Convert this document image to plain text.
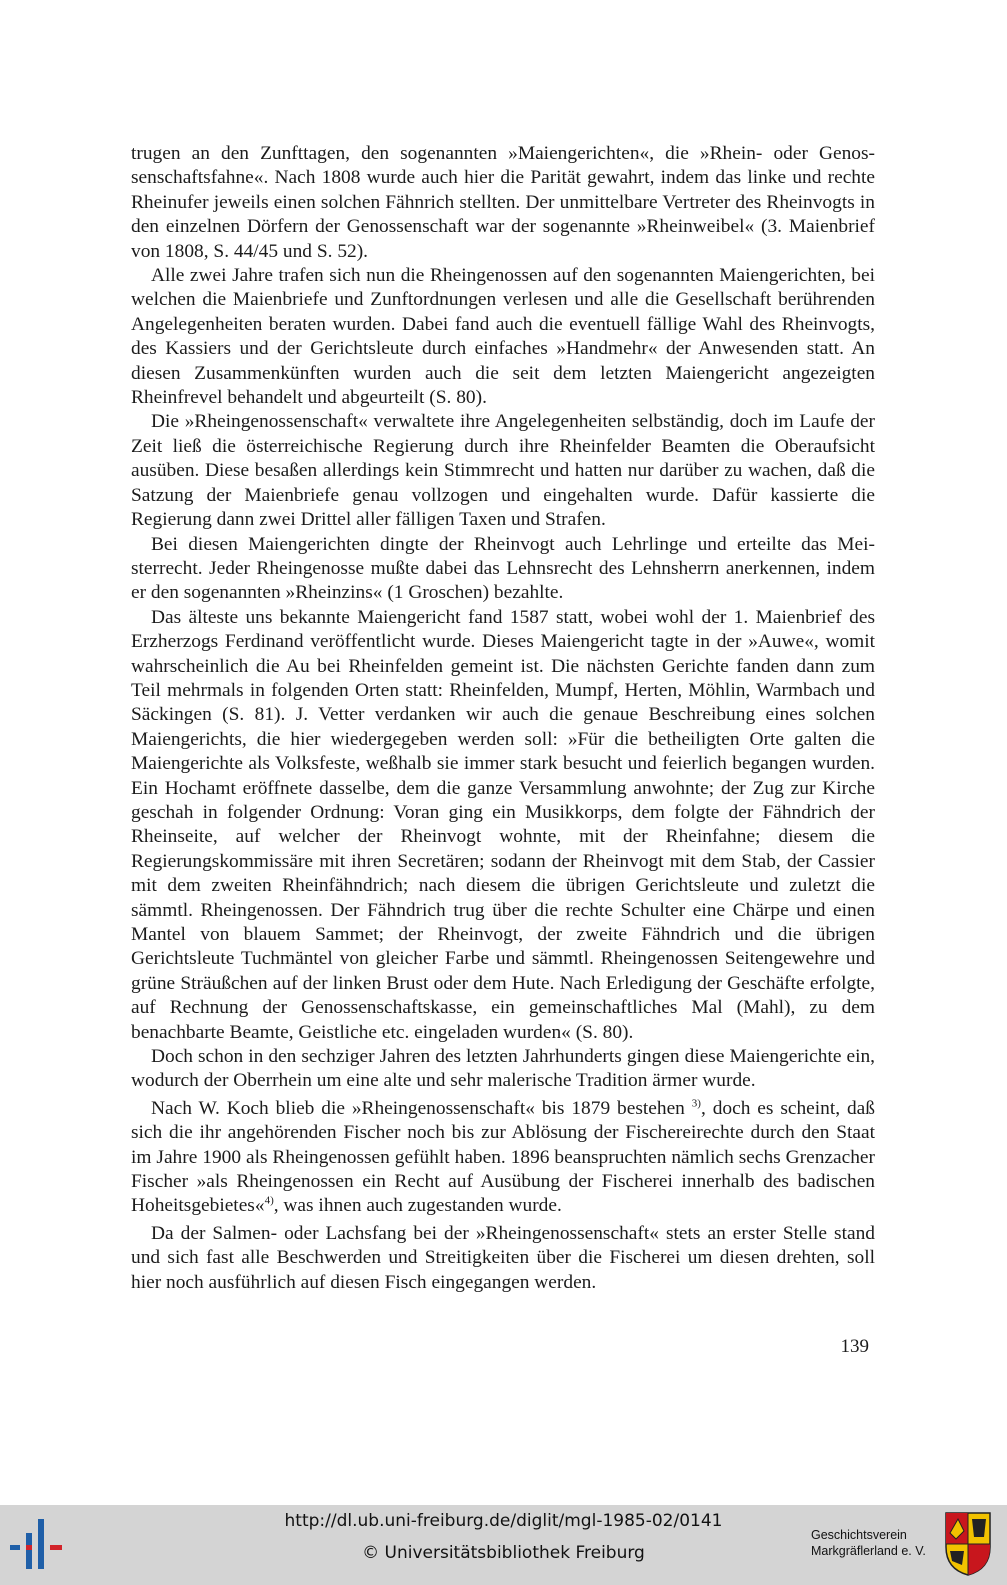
trugen an den Zunfttagen, den sogenannten »Maiengerichten«, die »Rhein- oder Genossenschaftsfahne«. Nach 1808 wurde auch hier die Parität gewahrt, indem das linke und rechte Rheinufer jeweils einen solchen Fähnrich stellten. Der unmittelbare Vertreter des Rheinvogts in den einzelnen Dörfern der Genossenschaft war der sogenannte »Rheinweibel« (3. Maienbrief von 1808, S. 44/45 und S. 52).

Alle zwei Jahre trafen sich nun die Rheingenossen auf den sogenannten Maiengerichten, bei welchen die Maienbriefe und Zunftordnungen verlesen und alle die Gesellschaft berührenden Angelegenheiten beraten wurden. Dabei fand auch die eventuell fällige Wahl des Rheinvogts, des Kassiers und der Gerichtsleute durch einfaches »Handmehr« der Anwesenden statt. An diesen Zusammenkünften wurden auch die seit dem letzten Maiengericht angezeigten Rheinfrevel behandelt und abgeurteilt (S. 80).

Die »Rheingenossenschaft« verwaltete ihre Angelegenheiten selbständig, doch im Laufe der Zeit ließ die österreichische Regierung durch ihre Rheinfelder Beamten die Oberaufsicht ausüben. Diese besaßen allerdings kein Stimmrecht und hatten nur darüber zu wachen, daß die Satzung der Maienbriefe genau vollzogen und eingehalten wurde. Dafür kassierte die Regierung dann zwei Drittel aller fälligen Taxen und Strafen.

Bei diesen Maiengerichten dingte der Rheinvogt auch Lehrlinge und erteilte das Meisterrecht. Jeder Rheingenosse mußte dabei das Lehnsrecht des Lehnsherrn anerkennen, indem er den sogenannten »Rheinzins« (1 Groschen) bezahlte.

Das älteste uns bekannte Maiengericht fand 1587 statt, wobei wohl der 1. Maienbrief des Erzherzogs Ferdinand veröffentlicht wurde. Dieses Maiengericht tagte in der »Auwe«, womit wahrscheinlich die Au bei Rheinfelden gemeint ist. Die nächsten Gerichte fanden dann zum Teil mehrmals in folgenden Orten statt: Rheinfelden, Mumpf, Herten, Möhlin, Warmbach und Säckingen (S. 81). J. Vetter verdanken wir auch die genaue Beschreibung eines solchen Maiengerichts, die hier wiedergegeben werden soll: »Für die betheiligten Orte galten die Maiengerichte als Volksfeste, weßhalb sie immer stark besucht und feierlich begangen wurden. Ein Hochamt eröffnete dasselbe, dem die ganze Versammlung anwohnte; der Zug zur Kirche geschah in folgender Ordnung: Voran ging ein Musikkorps, dem folgte der Fähndrich der Rheinseite, auf welcher der Rheinvogt wohnte, mit der Rheinfahne; diesem die Regierungskommissäre mit ihren Secretären; sodann der Rheinvogt mit dem Stab, der Cassier mit dem zweiten Rheinfähndrich; nach diesem die übrigen Gerichtsleute und zuletzt die sämmtl. Rheingenossen. Der Fähndrich trug über die rechte Schulter eine Chärpe und einen Mantel von blauem Sammet; der Rheinvogt, der zweite Fähndrich und die übrigen Gerichtsleute Tuchmäntel von gleicher Farbe und sämmtl. Rheingenossen Seitengewehre und grüne Sträußchen auf der linken Brust oder dem Hute. Nach Erledigung der Geschäfte erfolgte, auf Rechnung der Genossenschaftskasse, ein gemeinschaftliches Mal (Mahl), zu dem benachbarte Beamte, Geistliche etc. eingeladen wurden« (S. 80).

Doch schon in den sechziger Jahren des letzten Jahrhunderts gingen diese Maiengerichte ein, wodurch der Oberrhein um eine alte und sehr malerische Tradition ärmer wurde.

Nach W. Koch blieb die »Rheingenossenschaft« bis 1879 bestehen $^{3)}$, doch es scheint, daß sich die ihr angehörenden Fischer noch bis zur Ablösung der Fischereirechte durch den Staat im Jahre 1900 als Rheingenossen gefühlt haben. 1896 beanspruchten nämlich sechs Grenzacher Fischer »als Rheingenossen ein Recht auf Ausübung der Fischerei innerhalb des badischen Hoheitsgebietes«$^{4)}$, was ihnen auch zugestanden wurde.

Da der Salmen- oder Lachsfang bei der »Rheingenossenschaft« stets an erster Stelle stand und sich fast alle Beschwerden und Streitigkeiten über die Fischerei um diesen drehten, soll hier noch ausführlich auf diesen Fisch eingegangen werden.

139
http://dl.ub.uni-freiburg.de/diglit/mgl-1985-02/0141
© Universitätsbibliothek Freiburg
Geschichtsverein
Markgräflerland e. V.
